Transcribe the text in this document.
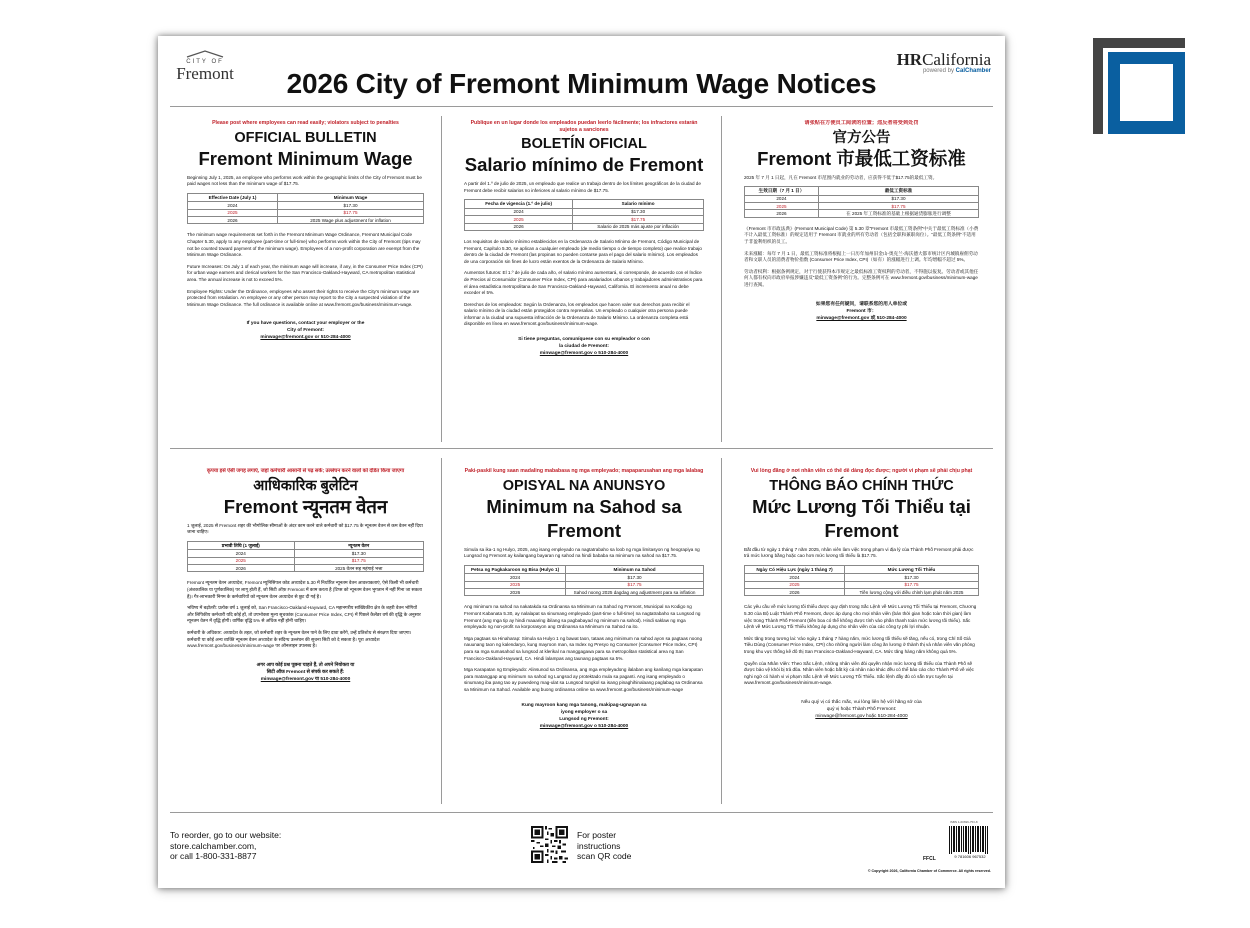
CITY OF
Fremont
HRCalifornia
powered by CalChamber
2026 City of Fremont Minimum Wage Notices
Please post where employees can read easily; violators subject to penalties
OFFICIAL BULLETIN
Fremont Minimum Wage
Beginning July 1, 2025, an employee who performs work within the geographic limits of the City of Fremont must be paid wages not less than the minimum wage of $17.75.
Effective Date (July 1)	Minimum Wage
2024	$17.30
2025	$17.75
2026	2025 Wage plus adjustment for inflation
The minimum wage requirements set forth in the Fremont Minimum Wage Ordinance, Fremont Municipal Code Chapter 5.30, apply to any employee (part-time or full-time) who performs work within the City of Fremont (tips may not be counted toward payment of the minimum wage). Employees of a non-profit corporation are exempt from the Minimum Wage Ordinance.
Future Increases: On July 1 of each year, the minimum wage will increase, if any, in the Consumer Price Index (CPI) for urban wage earners and clerical workers for the San Francisco-Oakland-Hayward, CA metropolitan statistical area. The annual increase is not to exceed 5%.
Employee Rights: Under the Ordinance, employees who assert their rights to receive the City's minimum wage are protected from retaliation. An employee or any other person may report to the City a suspected violation of the Minimum Wage Ordinance. The full ordinance is available online at www.fremont.gov/business/minimum-wage.
If you have questions, contact your employer or the
City of Fremont:
minwage@fremont.gov or 510-284-4000
Publique en un lugar donde los empleados puedan leerlo fácilmente; los infractores estarán sujetos a sanciones
BOLETÍN OFICIAL
Salario mínimo de Fremont
A partir del 1.º de julio de 2025, un empleado que realice un trabajo dentro de los límites geográficos de la ciudad de Fremont debe recibir salarios no inferiores al salario mínimo de $17.75.
Fecha de vigencia (1.º de julio)	Salario mínimo
2024	$17.30
2025	$17.75
2026	Salario de 2025 más ajuste por inflación
Los requisitos de salario mínimo establecidos en la Ordenanza de Salario Mínimo de Fremont, Código Municipal de Fremont, Capítulo 5.30, se aplican a cualquier empleado (de medio tiempo o de tiempo completo) que realice trabajo dentro de la ciudad de Fremont (las propinas no pueden contarse para el pago del salario mínimo). Los empleados de una corporación sin fines de lucro están exentos de la Ordenanza de Salario Mínimo.
Aumentos futuros: El 1.º de julio de cada año, el salario mínimo aumentará, si corresponde, de acuerdo con el Índice de Precios al Consumidor (Consumer Price Index, CPI) para asalariados urbanos y trabajadores administrativos para el área estadística metropolitana de San Francisco-Oakland-Hayward, California. El incremento anual no debe exceder el 5%.
Derechos de los empleados: Según la Ordenanza, los empleados que hacen valer sus derechos para recibir el salario mínimo de la ciudad están protegidos contra represalias. Un empleado o cualquier otra persona puede informar a la ciudad una supuesta infracción de la Ordenanza de Salario Mínimo. La ordenanza completa está disponible en línea en www.fremont.gov/business/minimum-wage.
Si tiene preguntas, comuníquese con su empleador o con
la ciudad de Fremont:
minwage@fremont.gov o 510-284-4000
请张贴在方便员工阅读的位置；违反者将受到处罚
官方公告
Fremont 市最低工资标准
2025 年 7 月 1 日起，凡在 Fremont 市范围内就业的劳动者，应获得不低于$17.75的最低工资。
生效日期（7 月 1 日）	最低工资标准
2024	$17.30
2025	$17.75
2026	在 2025 年工资标准的基础上根据通货膨胀进行调整
《Fremont 市市政法典》(Fremont Municipal Code) 第 5.30 章“Fremont 市最低工资条例”中关于最低工资标准（小费不计入最低工资标准）的规定适用于 Fremont 市就业的所有劳动者（包括全职和兼职岗位）。“最低工资条例”不适用于非盈利组织的员工。
未来涨幅：每年 7 月 1 日，最低工资标准将根据上一日历年加州旧金山-奥克兰-海沃德大都市统计区内城镇雇佣劳动者和文职人员的消费者物价指数 (Consumer Price Index, CPI)（如有）的涨幅进行上调。年均增幅不超过 5%。
劳动者权利：根据条例规定，对于行使获得本市规定之最低标准工资权利的劳动者，不得施以报复。劳动者或其他任何人都有权向市政府举报涉嫌违反“最低工资条例”的行为。完整条例可在 www.fremont.gov/business/minimum-wage 进行查阅。
如果您有任何疑问，请联系您的用人单位或
Fremont 市：
minwage@fremont.gov 或 510-284-4000
कृपया इसे ऐसी जगह लगाएं, जहां कर्मचारी आसानी से पढ़ सकें; उल्लंघन करने वालों को दंडित किया जाएगा
आधिकारिक बुलेटिन
Fremont न्यूनतम वेतन
1 जुलाई, 2025 से Fremont शहर की भौगोलिक सीमाओं के अंदर काम करने वाले कर्मचारी को $17.75 के न्यूनतम वेतन से कम वेतन नहीं दिया जाना चाहिए।
प्रभावी तिथि (1 जुलाई)	न्यूनतम वेतन
2024	$17.30
2025	$17.75
2026	2025 वेतन सह महंगाई भत्ता
Fremont न्यूनतम वेतन अध्यादेश, Fremont म्युनिसिपल कोड अध्यादेश 5.30 में निर्धारित न्यूनतम वेतन आवश्यकताएं, ऐसे किसी भी कर्मचारी (अंशकालिक या पूर्णकालिक) पर लागू होती हैं, जो सिटी ऑफ़ Fremont में काम करता है (टिप्स को न्यूनतम वेतन भुगतान में नहीं गिना जा सकता है)। गैर-लाभकारी निगम के कर्मचारियों को न्यूनतम वेतन अध्यादेश से छूट दी गई है।
भविष्य में बढ़ोतरी: प्रत्येक वर्ष 1 जुलाई को, San Francisco-Oakland-Hayward, CA महानगरीय सांख्यिकीय क्षेत्र के शहरी वेतन भोगियों और लिपिकीय कर्मचारी यदि कोई हों, तो उपभोक्ता मूल्य सूचकांक (Consumer Price Index, CPI) में पिछले कैलेंडर वर्ष की वृद्धि के अनुसार न्यूनतम वेतन में वृद्धि होगी। वार्षिक वृद्धि 5% से अधिक नहीं होनी चाहिए।
कर्मचारी के अधिकार: अध्यादेश के तहत, जो कर्मचारी शहर के न्यूनतम वेतन पाने के लिए दावा करेंगे, उन्हें प्रतिशोध से संरक्षण दिया जाएगा। कर्मचारी या कोई अन्य व्यक्ति न्यूनतम वेतन अध्यादेश के संदिग्ध उल्लंघन की सूचना सिटी को दे सकता है। पूरा अध्यादेश www.fremont.gov/business/minimum-wage पर ऑनलाइन उपलब्ध है।
अगर आप कोई प्रश्न पूछना चाहते हैं, तो अपने नियोक्ता या
सिटी ऑफ़ Fremont से संपर्क कर सकते हैं:
minwage@fremont.gov या 510-284-4000
Paki-paskil kung saan madaling mababasa ng mga empleyado; mapaparusahan ang mga lalabag
OPISYAL NA ANUNSYO
Minimum na Sahod sa Fremont
Simula sa ika-1 ng Hulyo, 2025, ang isang empleyado na nagtatrabaho sa loob ng mga limitasyon ng heograpiya ng Lungsod ng Fremont ay kailangang bayaran ng sahod na hindi bababa sa minimum na sahod na $17.75.
Petsa ng Pagkakaroon ng Bisa (Hulyo 1)	Minimum na Sahod
2024	$17.30
2025	$17.75
2026	Sahod noong 2025 dagdag ang adjustment para sa inflation
Ang minimum na sahod na nakatakda sa Ordinansa sa Minimum na Sahod ng Fremont, Municipal na Kodigo ng Fremont Kabanata 5.30, ay nalalapat sa sinumang empleyado (part-time o full-time) na nagtatrabaho sa Lungsod ng Fremont (ang mga tip ay hindi maaaring ibilang sa pagbabayad ng minimum na sahod). Hindi saklaw ng mga empleyado ng non-profit na korporasyon ang Ordinansa sa Minimum na Sahod na ito.
Mga pagtaas sa Hinaharap: Simula sa Hulyo 1 ng bawat taon, tataas ang minimum na sahod ayon sa pagtaas noong nauunang taon ng kalendaryo, kung mayroon man, sa Index ng Presyo ng Consumer (Consumer Price Index, CPI) para sa mga sumasahod sa lungsod at klerikal na manggagawa para sa metropolitan statistical area ng San Francisco-Oakland-Hayward, CA. Hindi lalampas ang taunang pagtaas sa 5%.
Mga Karapatan ng Empleyado: Alinsunod sa Ordinansa, ang mga empleyadong ilalaban ang kanilang mga karapatan para matanggap ang minimum na sahod ng Lungsod ay protektado mula sa paganti. Ang isang empleyado o sinumang iba pang tao ay puwedeng mag-ulat sa Lungsod tungkol sa isang pinaghihinalaang paglabag sa Ordinansa sa Minimum na Sahod. Available ang buong ordinansa online sa www.fremont.gov/business/minimum-wage
Kung mayroon kang mga tanong, makipag-ugnayan sa
iyong employer o sa
Lungsod ng Fremont:
minwage@fremont.gov o 510-284-4000
Vui lòng đăng ở nơi nhân viên có thể dễ dàng đọc được; người vi phạm sẽ phải chịu phạt
THÔNG BÁO CHÍNH THỨC
Mức Lương Tối Thiểu tại Fremont
Bắt đầu từ ngày 1 tháng 7 năm 2025, nhân viên làm việc trong phạm vi địa lý của Thành Phố Fremont phải được trả mức lương bằng hoặc cao hơn mức lương tối thiểu là $17.75.
Ngày Có Hiệu Lực (ngày 1 tháng 7)	Mức Lương Tối Thiểu
2024	$17.30
2025	$17.75
2026	Tiền lương cộng với điều chỉnh lạm phát năm 2025
Các yêu cầu về mức lương tối thiểu được quy định trong Sắc Lệnh về Mức Lương Tối Thiểu tại Fremont, Chương 5.30 của Bộ Luật Thành Phố Fremont, được áp dụng cho mọi nhân viên (bán thời gian hoặc toàn thời gian) làm việc trong Thành Phố Fremont (tiền boa có thể không được tính vào phần thanh toán mức lương tối thiểu). Sắc Lệnh về Mức Lương Tối Thiểu không áp dụng cho nhân viên của các công ty phi lợi nhuận.
Mức tăng trong tương lai: Vào ngày 1 tháng 7 hàng năm, mức lương tối thiểu sẽ tăng, nếu có, trong Chỉ Số Giá Tiêu Dùng (Consumer Price Index, CPI) cho những người làm công ăn lương ở thành thị và nhân viên văn phòng trong khu vực thống kê đô thị San Francisco-Oakland-Hayward, CA. Mức tăng hàng năm không quá 5%.
Quyền của Nhân Viên: Theo Sắc Lệnh, những nhân viên đòi quyền nhận mức lương tối thiểu của Thành Phố sẽ được bảo vệ khỏi bị trả đũa. Nhân viên hoặc bất kỳ cá nhân nào khác đều có thể báo cáo cho Thành Phố về việc nghi ngờ có hành vi vi phạm Sắc Lệnh về Mức Lương Tối Thiểu. Sắc lệnh đầy đủ có sẵn trực tuyến tại www.fremont.gov/business/minimum-wage.
Nếu quý vị có thắc mắc, vui lòng liên hệ với hãng sở của
quý vị hoặc Thành Phố Fremont:
minwage@fremont.gov hoặc 510-284-4000
To reorder, go to our website:
store.calchamber.com,
or call 1-800-331-8877
For poster
instructions
scan QR code
ISBN 1-60696-753-8
9 781606 967532
FFCL
© Copyright 2026, California Chamber of Commerce. All rights reserved.
